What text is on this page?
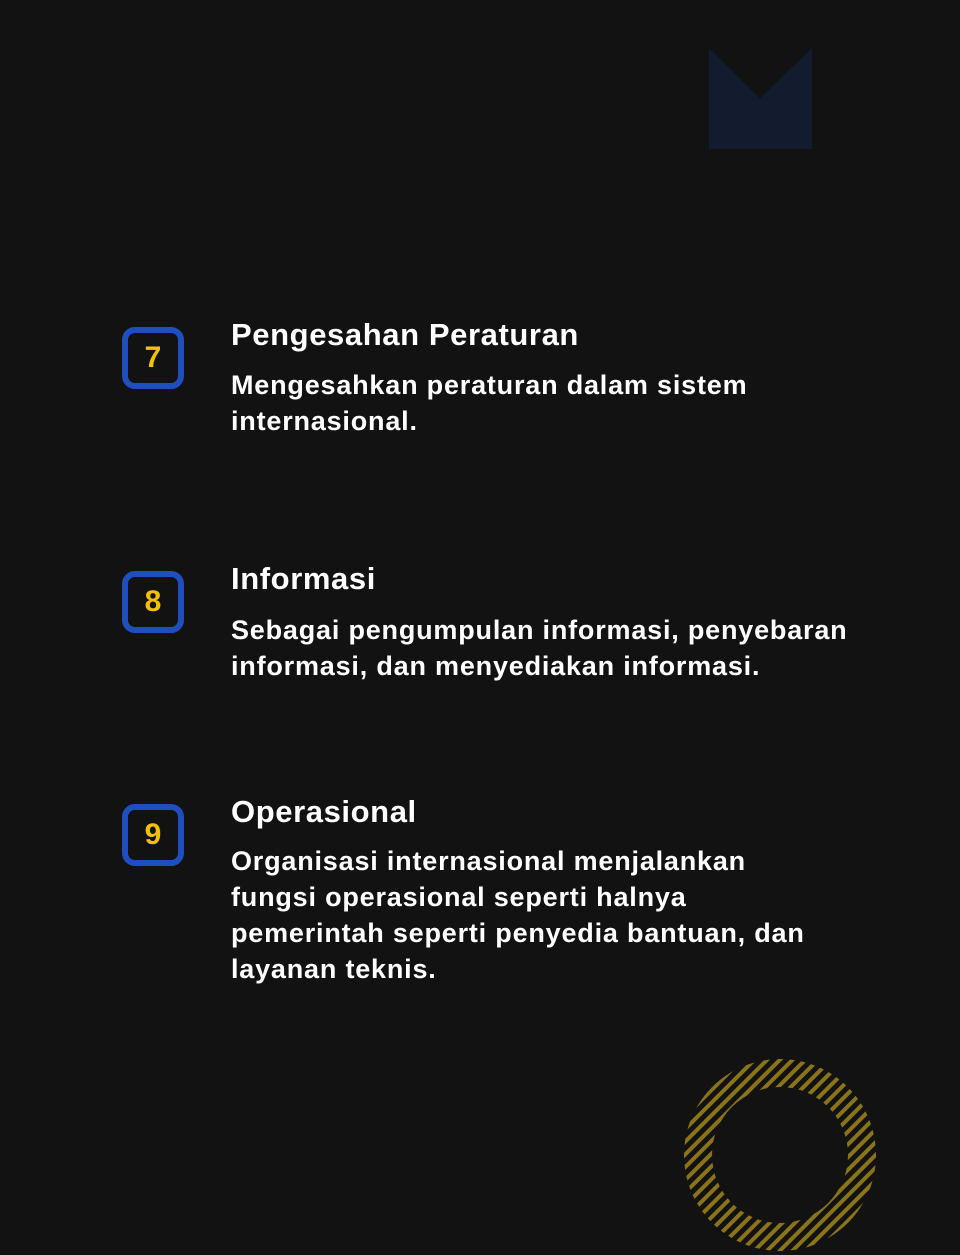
7
Pengesahan Peraturan
Mengesahkan peraturan dalam sistem internasional.
8
Informasi
Sebagai pengumpulan informasi, penyebaran informasi, dan menyediakan informasi.
9
Operasional
Organisasi internasional menjalankan fungsi operasional seperti halnya pemerintah seperti penyedia bantuan, dan layanan teknis.
